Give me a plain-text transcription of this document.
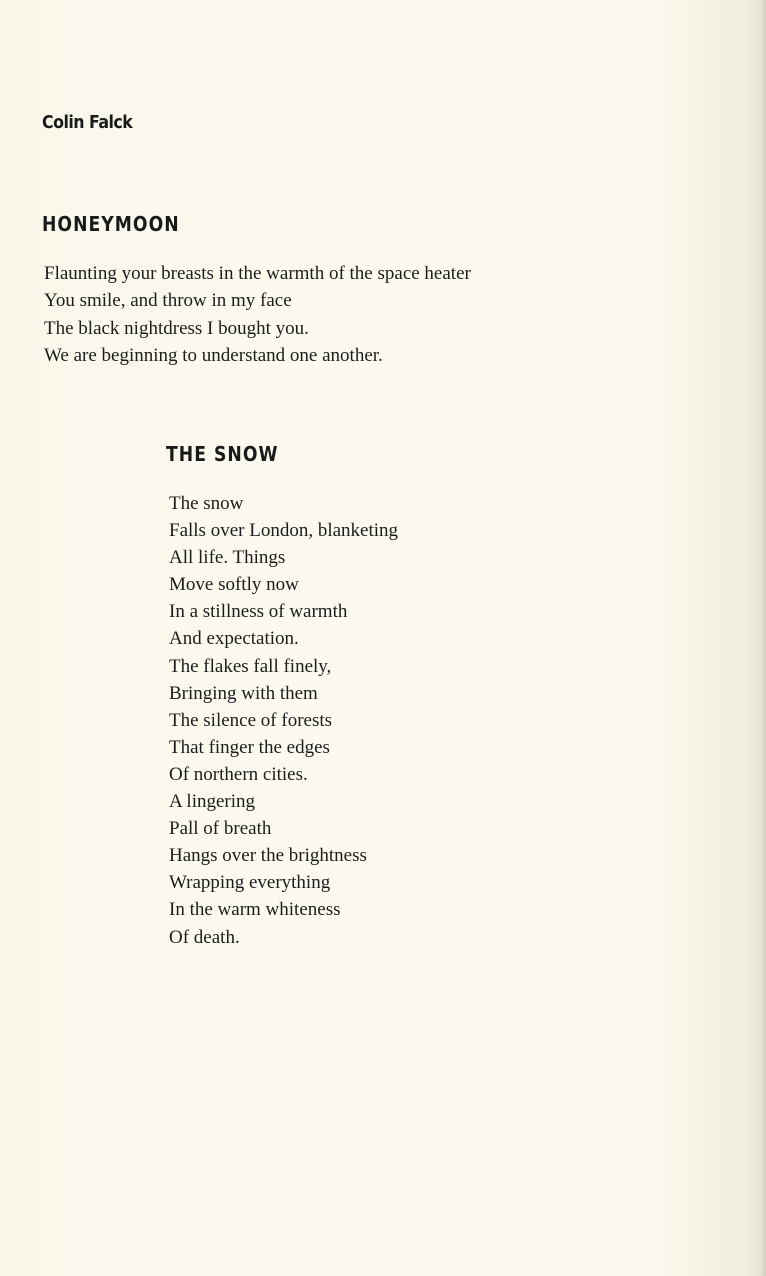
Colin Falck
HONEYMOON
Flaunting your breasts in the warmth of the space heater
You smile, and throw in my face
The black nightdress I bought you.
We are beginning to understand one another.
THE SNOW
The snow
Falls over London, blanketing
All life. Things
Move softly now
In a stillness of warmth
And expectation.
The flakes fall finely,
Bringing with them
The silence of forests
That finger the edges
Of northern cities.
A lingering
Pall of breath
Hangs over the brightness
Wrapping everything
In the warm whiteness
Of death.
